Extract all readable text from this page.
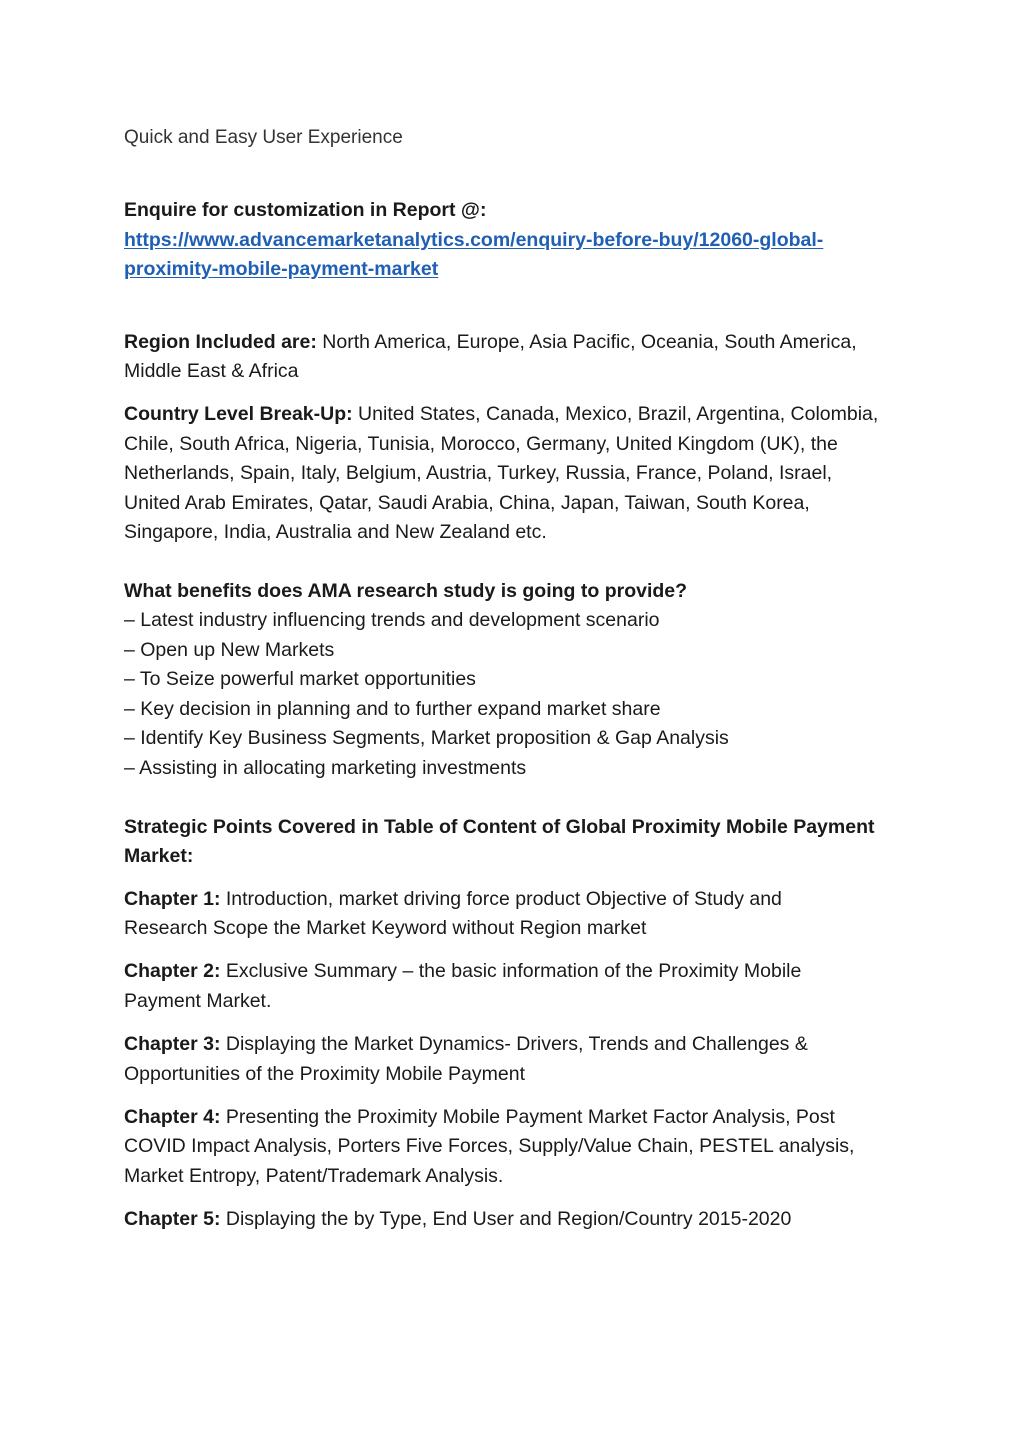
Quick and Easy User Experience
Enquire for customization in Report @:
https://www.advancemarketanalytics.com/enquiry-before-buy/12060-global-
proximity-mobile-payment-market
Region Included are: North America, Europe, Asia Pacific, Oceania, South America,
Middle East & Africa
Country Level Break-Up: United States, Canada, Mexico, Brazil, Argentina, Colombia,
Chile, South Africa, Nigeria, Tunisia, Morocco, Germany, United Kingdom (UK), the
Netherlands, Spain, Italy, Belgium, Austria, Turkey, Russia, France, Poland, Israel,
United Arab Emirates, Qatar, Saudi Arabia, China, Japan, Taiwan, South Korea,
Singapore, India, Australia and New Zealand etc.
What benefits does AMA research study is going to provide?
– Latest industry influencing trends and development scenario
– Open up New Markets
– To Seize powerful market opportunities
– Key decision in planning and to further expand market share
– Identify Key Business Segments, Market proposition & Gap Analysis
– Assisting in allocating marketing investments
Strategic Points Covered in Table of Content of Global Proximity Mobile Payment
Market:
Chapter 1: Introduction, market driving force product Objective of Study and
Research Scope the Market Keyword without Region market
Chapter 2: Exclusive Summary – the basic information of the Proximity Mobile
Payment Market.
Chapter 3: Displaying the Market Dynamics- Drivers, Trends and Challenges &
Opportunities of the Proximity Mobile Payment
Chapter 4: Presenting the Proximity Mobile Payment Market Factor Analysis, Post
COVID Impact Analysis, Porters Five Forces, Supply/Value Chain, PESTEL analysis,
Market Entropy, Patent/Trademark Analysis.
Chapter 5: Displaying the by Type, End User and Region/Country 2015-2020
